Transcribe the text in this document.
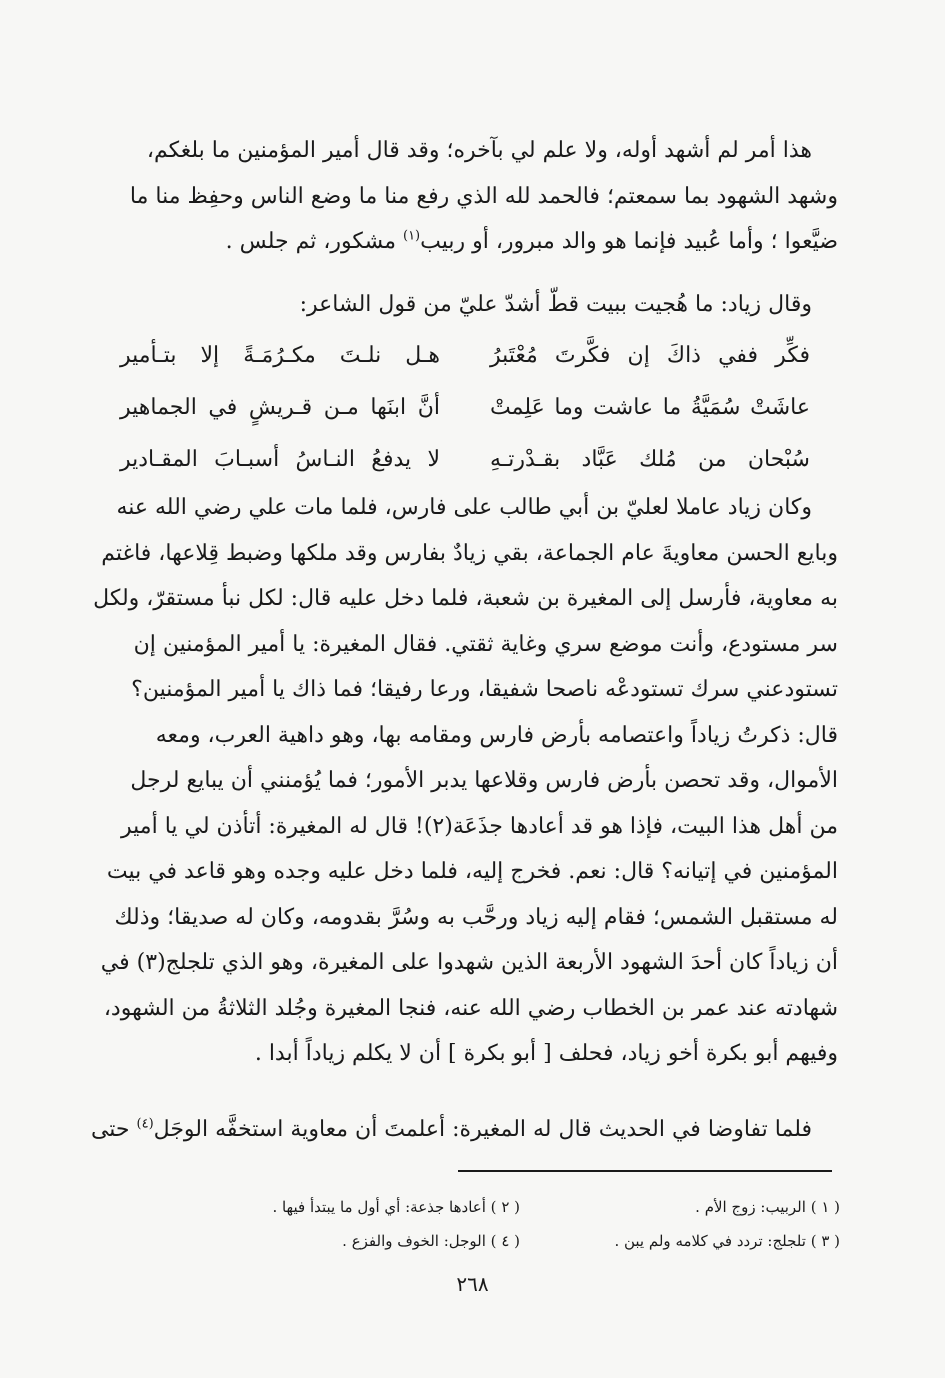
هذا أمر لم أشهد أوله، ولا علم لي بآخره؛ وقد قال أمير المؤمنين ما بلغكم،

وشهد الشهود بما سمعتم؛ فالحمد لله الذي رفع منا ما وضع الناس وحفِظ منا ما

ضيَّعوا ؛ وأما عُبيد فإنما هو والد مبرور، أو ربيب$^{(١)}$ مشكور، ثم جلس .

وقال زياد: ما هُجيت ببيت قطّ أشدّ عليّ من قول الشاعر:
فكِّر ففي ذاكَ إن فكَّرتَ مُعْتَبرُ
هـل نلـتَ مكـرُمَـةً إلا بتـأمير
عاشَتْ سُمَيَّةُ ما عاشت وما عَلِمتْ
أنَّ ابنَها مـن قـريشٍ في الجماهير
سُبْحان من مُلك عَبَّاد بقـدْرتـهِ
لا يدفعُ النـاسُ أسبـابَ المقـادير

وكان زياد عاملا لعليّ بن أبي طالب على فارس، فلما مات علي رضي الله عنه

وبايع الحسن معاويةَ عام الجماعة، بقي زيادٌ بفارس وقد ملكها وضبط قِلاعها، فاغتم

به معاوية، فأرسل إلى المغيرة بن شعبة، فلما دخل عليه قال: لكل نبأ مستقرّ، ولكل

سر مستودع، وأنت موضع سري وغاية ثقتي. فقال المغيرة: يا أمير المؤمنين إن

تستودعني سرك تستودعْه ناصحا شفيقا، ورعا رفيقا؛ فما ذاك يا أمير المؤمنين؟

قال: ذكرتُ زياداً واعتصامه بأرض فارس ومقامه بها، وهو داهية العرب، ومعه

الأموال، وقد تحصن بأرض فارس وقلاعها يدبر الأمور؛ فما يُؤمنني أن يبايع لرجل

من أهل هذا البيت، فإذا هو قد أعادها جذَعَة(٢)! قال له المغيرة: أتأذن لي يا أمير

المؤمنين في إتيانه؟ قال: نعم. فخرج إليه، فلما دخل عليه وجده وهو قاعد في بيت

له مستقبل الشمس؛ فقام إليه زياد ورحَّب به وسُرَّ بقدومه، وكان له صديقا؛ وذلك

أن زياداً كان أحدَ الشهود الأربعة الذين شهدوا على المغيرة، وهو الذي تلجلج(٣) في

شهادته عند عمر بن الخطاب رضي الله عنه، فنجا المغيرة وجُلد الثلاثةُ من الشهود،

وفيهم أبو بكرة أخو زياد، فحلف [ أبو بكرة ] أن لا يكلم زياداً أبدا .

فلما تفاوضا في الحديث قال له المغيرة: أعلمتَ أن معاوية استخفَّه الوجَل$^{(٤)}$ حتى

( ١ ) الربيب: زوج الأم .
( ٢ ) أعادها جذعة: أي أول ما يبتدأ فيها .
( ٣ ) تلجلج: تردد في كلامه ولم يبن .
( ٤ ) الوجل: الخوف والفزع .
٢٦٨
